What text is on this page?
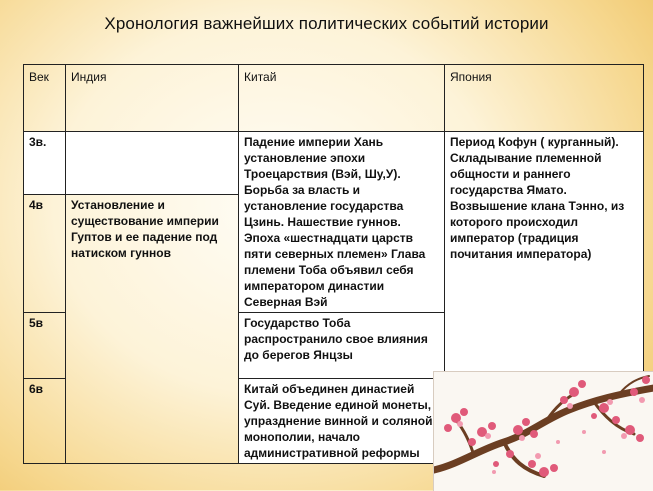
Хронология важнейших политических событий истории
Век	Индия	Китай	Япония
3в.		Падение империи Хань установление эпохи Троецарствия (Вэй, Шу,У). Борьба за власть и установление государства Цзинь. Нашествие гуннов. Эпоха «шестнадцати царств пяти северных племен» Глава племени Тоба объявил себя императором династии Северная Вэй	Период Кофун ( курганный). Складывание племенной общности и раннего государства Ямато. Возвышение клана Тэнно, из которого происходил император (традиция почитания императора)
4в	Установление и существование империи Гуптов и ее падение под натиском гуннов		
5в		Государство Тоба распространило свое влияния до берегов Янцзы	
6в		Китай объединен династией Суй. Введение единой монеты, упразднение винной и соляной монополии, начало административной реформы	
